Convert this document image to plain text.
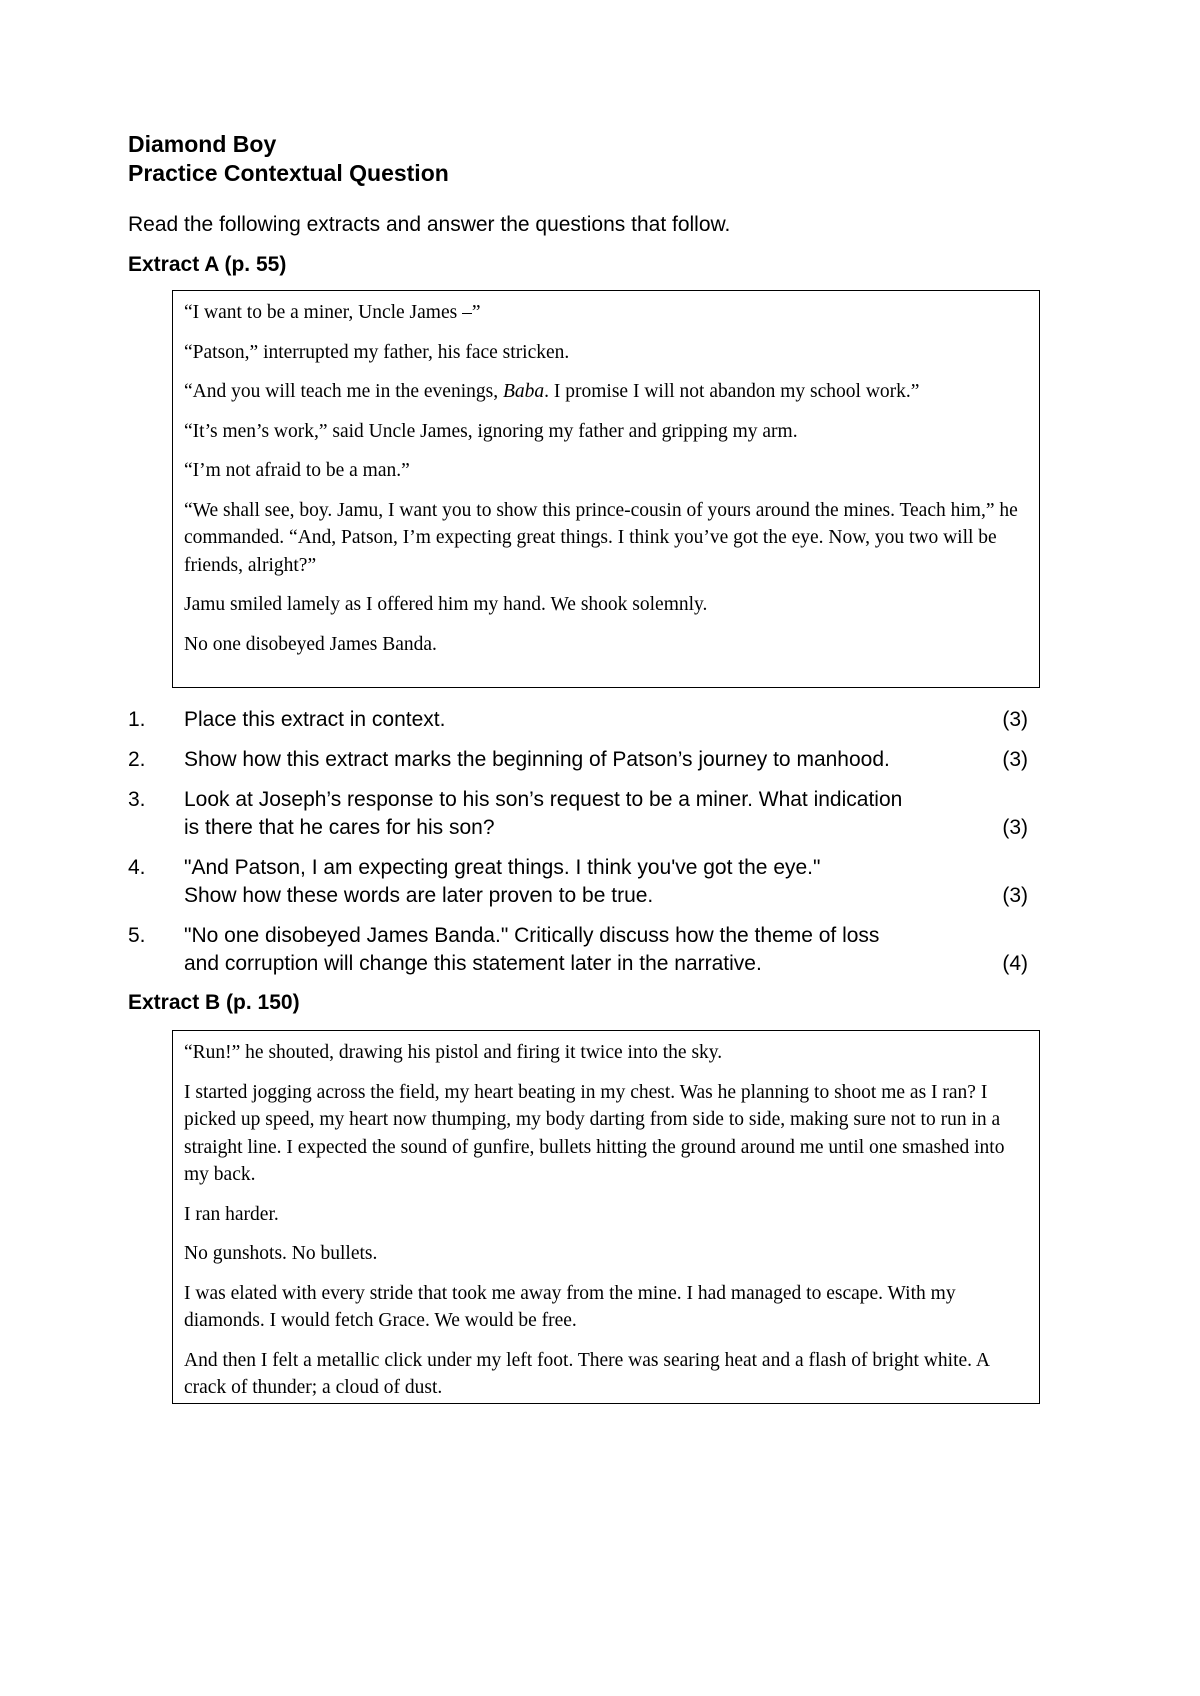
Diamond Boy
Practice Contextual Question
Read the following extracts and answer the questions that follow.
Extract A (p. 55)

“I want to be a miner, Uncle James –”

“Patson,” interrupted my father, his face stricken.

“And you will teach me in the evenings, Baba. I promise I will not abandon my school work.”

“It’s men’s work,” said Uncle James, ignoring my father and gripping my arm.

“I’m not afraid to be a man.”

“We shall see, boy. Jamu, I want you to show this prince-cousin of yours around the mines. Teach him,” he commanded. “And, Patson, I’m expecting great things. I think you’ve got the eye. Now, you two will be friends, alright?”

Jamu smiled lamely as I offered him my hand. We shook solemnly.

No one disobeyed James Banda.

1.	Place this extract in context.	(3)
2.	Show how this extract marks the beginning of Patson’s journey to manhood.	(3)
3.	Look at Joseph’s response to his son’s request to be a miner. What indication
is there that he cares for his son?	(3)
4.	"And Patson, I am expecting great things. I think you've got the eye."
Show how these words are later proven to be true.	(3)
5.	"No one disobeyed James Banda." Critically discuss how the theme of loss
and corruption will change this statement later in the narrative.	(4)
Extract B (p. 150)

“Run!” he shouted, drawing his pistol and firing it twice into the sky.

I started jogging across the field, my heart beating in my chest. Was he planning to shoot me as I ran? I picked up speed, my heart now thumping, my body darting from side to side, making sure not to run in a straight line. I expected the sound of gunfire, bullets hitting the ground around me until one smashed into my back.

I ran harder.

No gunshots. No bullets.

I was elated with every stride that took me away from the mine. I had managed to escape. With my diamonds. I would fetch Grace. We would be free.

And then I felt a metallic click under my left foot. There was searing heat and a flash of bright white. A crack of thunder; a cloud of dust.
